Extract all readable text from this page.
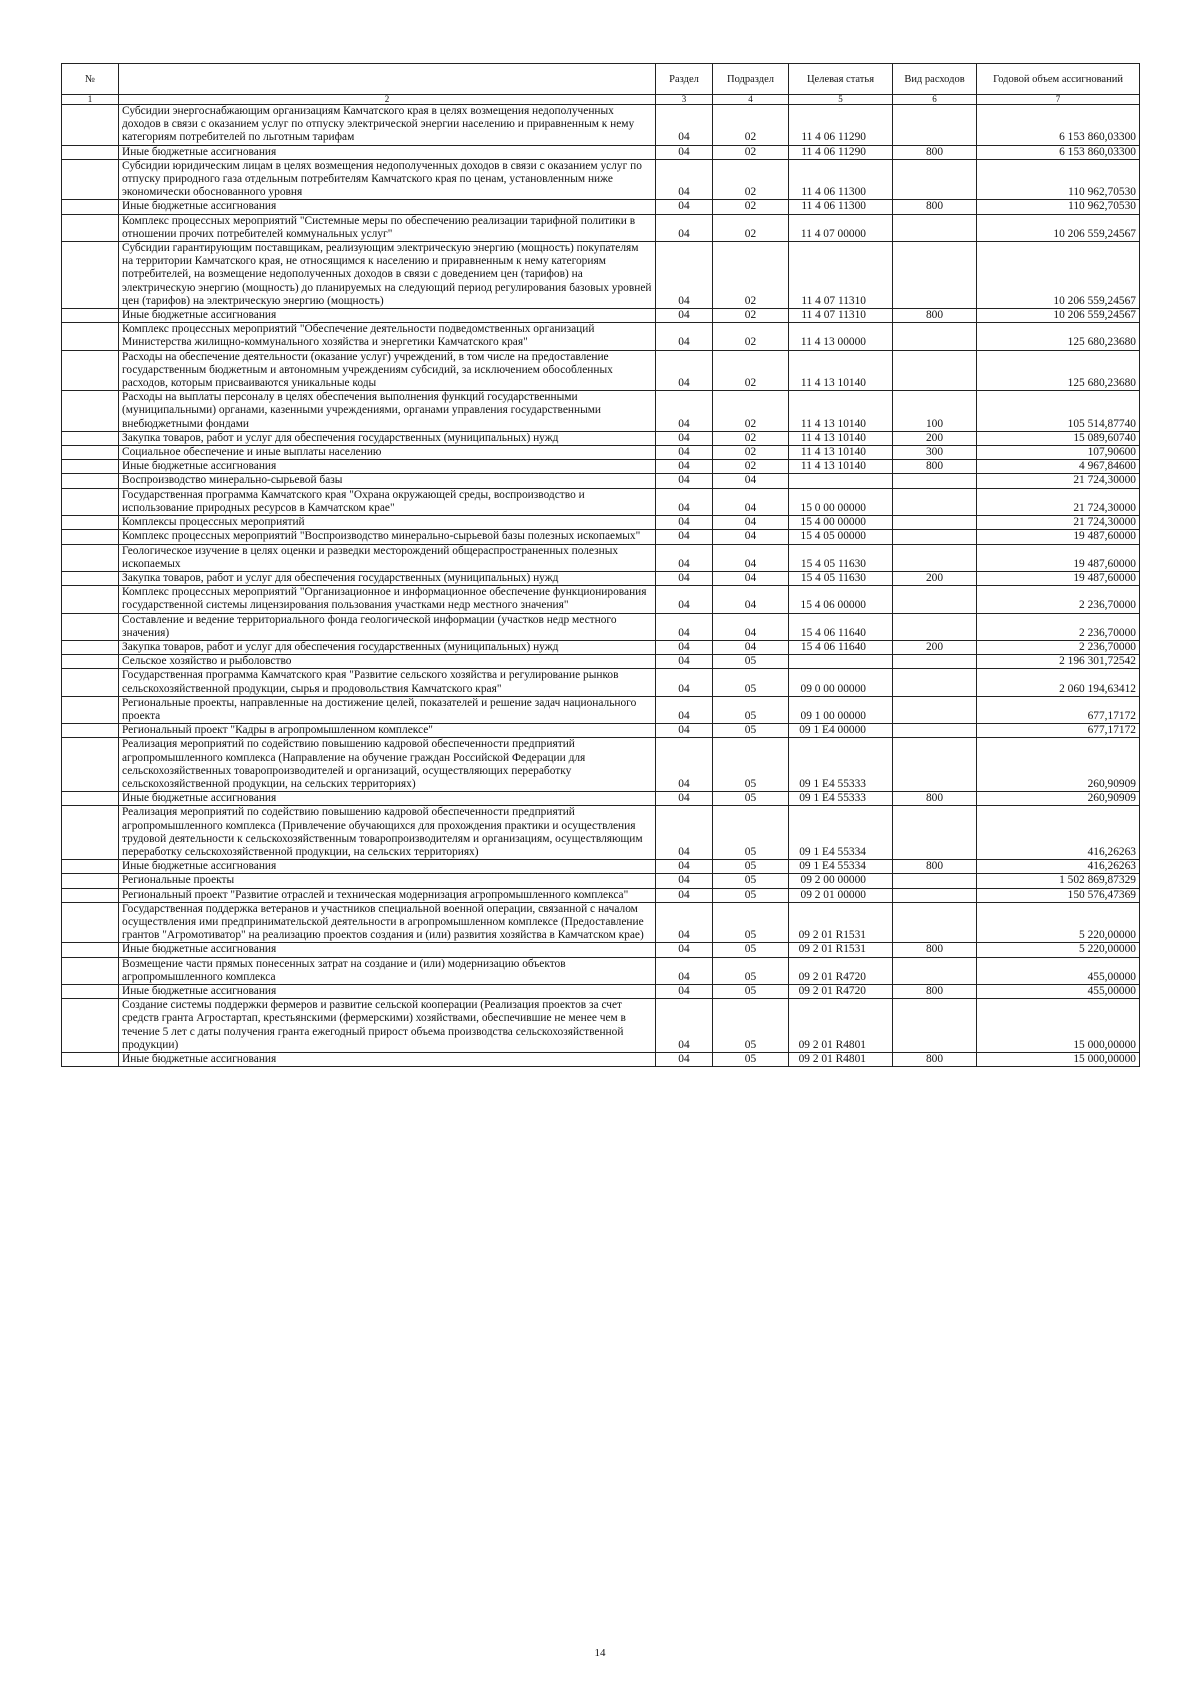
№		Раздел	Подраздел	Целевая статья	Вид расходов	Годовой объем ассигнований
1	2	3	4	5	6	7
	Субсидии энергоснабжающим организациям Камчатского края в целях возмещения недополученных доходов в связи с оказанием услуг по отпуску электрической энергии населению и приравненным к нему категориям потребителей по льготным тарифам	04	02	11 4 06 11290		6 153 860,03300
	Иные бюджетные ассигнования	04	02	11 4 06 11290	800	6 153 860,03300
	Субсидии юридическим лицам в целях возмещения недополученных доходов в связи с оказанием услуг по отпуску природного газа отдельным потребителям Камчатского края по ценам, установленным ниже экономически обоснованного уровня	04	02	11 4 06 11300		110 962,70530
	Иные бюджетные ассигнования	04	02	11 4 06 11300	800	110 962,70530
	Комплекс процессных мероприятий "Системные меры по обеспечению реализации тарифной политики в отношении прочих потребителей коммунальных услуг"	04	02	11 4 07 00000		10 206 559,24567
	Субсидии гарантирующим поставщикам, реализующим электрическую энергию (мощность) покупателям на территории Камчатского края, не относящимся к населению и приравненным к нему категориям потребителей, на возмещение недополученных доходов в связи с доведением цен (тарифов) на электрическую энергию (мощность) до планируемых на следующий период регулирования базовых уровней цен (тарифов) на электрическую энергию (мощность)	04	02	11 4 07 11310		10 206 559,24567
	Иные бюджетные ассигнования	04	02	11 4 07 11310	800	10 206 559,24567
	Комплекс процессных мероприятий "Обеспечение деятельности подведомственных организаций Министерства жилищно-коммунального хозяйства и энергетики Камчатского края"	04	02	11 4 13 00000		125 680,23680
	Расходы на обеспечение деятельности (оказание услуг) учреждений, в том числе на предоставление государственным бюджетным и автономным учреждениям субсидий, за исключением обособленных расходов, которым присваиваются уникальные коды	04	02	11 4 13 10140		125 680,23680
	Расходы на выплаты персоналу в целях обеспечения выполнения функций государственными (муниципальными) органами, казенными учреждениями, органами управления государственными внебюджетными фондами	04	02	11 4 13 10140	100	105 514,87740
	Закупка товаров, работ и услуг для обеспечения государственных (муниципальных) нужд	04	02	11 4 13 10140	200	15 089,60740
	Социальное обеспечение и иные выплаты населению	04	02	11 4 13 10140	300	107,90600
	Иные бюджетные ассигнования	04	02	11 4 13 10140	800	4 967,84600
	Воспроизводство минерально-сырьевой базы	04	04			21 724,30000
	Государственная программа Камчатского края "Охрана окружающей среды, воспроизводство и использование природных ресурсов в Камчатском крае"	04	04	15 0 00 00000		21 724,30000
	Комплексы процессных мероприятий	04	04	15 4 00 00000		21 724,30000
	Комплекс процессных мероприятий "Воспроизводство минерально-сырьевой базы полезных ископаемых"	04	04	15 4 05 00000		19 487,60000
	Геологическое изучение в целях оценки и разведки месторождений общераспространенных полезных ископаемых	04	04	15 4 05 11630		19 487,60000
	Закупка товаров, работ и услуг для обеспечения государственных (муниципальных) нужд	04	04	15 4 05 11630	200	19 487,60000
	Комплекс процессных мероприятий "Организационное и информационное обеспечение функционирования государственной системы лицензирования пользования участками недр местного значения"	04	04	15 4 06 00000		2 236,70000
	Составление и ведение территориального фонда геологической информации (участков недр местного значения)	04	04	15 4 06 11640		2 236,70000
	Закупка товаров, работ и услуг для обеспечения государственных (муниципальных) нужд	04	04	15 4 06 11640	200	2 236,70000
	Сельское хозяйство и рыболовство	04	05			2 196 301,72542
	Государственная программа Камчатского края "Развитие сельского хозяйства и регулирование рынков сельскохозяйственной продукции, сырья и продовольствия Камчатского края"	04	05	09 0 00 00000		2 060 194,63412
	Региональные проекты, направленные на достижение целей, показателей и решение задач национального проекта	04	05	09 1 00 00000		677,17172
	Региональный проект "Кадры в агропромышленном комплексе"	04	05	09 1 E4 00000		677,17172
	Реализация мероприятий по содействию повышению кадровой обеспеченности предприятий агропромышленного комплекса (Направление на обучение граждан Российской Федерации для сельскохозяйственных товаропроизводителей и организаций, осуществляющих переработку сельскохозяйственной продукции, на сельских территориях)	04	05	09 1 E4 55333		260,90909
	Иные бюджетные ассигнования	04	05	09 1 E4 55333	800	260,90909
	Реализация мероприятий по содействию повышению кадровой обеспеченности предприятий агропромышленного комплекса (Привлечение обучающихся для прохождения практики и осуществления трудовой деятельности к сельскохозяйственным товаропроизводителям и организациям, осуществляющим переработку сельскохозяйственной продукции, на сельских территориях)	04	05	09 1 E4 55334		416,26263
	Иные бюджетные ассигнования	04	05	09 1 E4 55334	800	416,26263
	Региональные проекты	04	05	09 2 00 00000		1 502 869,87329
	Региональный проект "Развитие отраслей и техническая модернизация агропромышленного комплекса"	04	05	09 2 01 00000		150 576,47369
	Государственная поддержка ветеранов и участников специальной военной операции, связанной с началом осуществления ими предпринимательской деятельности в агропромышленном комплексе (Предоставление грантов "Агромотиватор" на реализацию проектов создания и (или) развития хозяйства в Камчатском крае)	04	05	09 2 01 R1531		5 220,00000
	Иные бюджетные ассигнования	04	05	09 2 01 R1531	800	5 220,00000
	Возмещение части прямых понесенных затрат на создание и (или) модернизацию объектов агропромышленного комплекса	04	05	09 2 01 R4720		455,00000
	Иные бюджетные ассигнования	04	05	09 2 01 R4720	800	455,00000
	Создание системы поддержки фермеров и развитие сельской кооперации (Реализация проектов за счет средств гранта Агростартап, крестьянскими (фермерскими) хозяйствами, обеспечившие не менее чем в течение 5 лет с даты получения гранта ежегодный прирост объема производства сельскохозяйственной продукции)	04	05	09 2 01 R4801		15 000,00000
	Иные бюджетные ассигнования	04	05	09 2 01 R4801	800	15 000,00000
14
